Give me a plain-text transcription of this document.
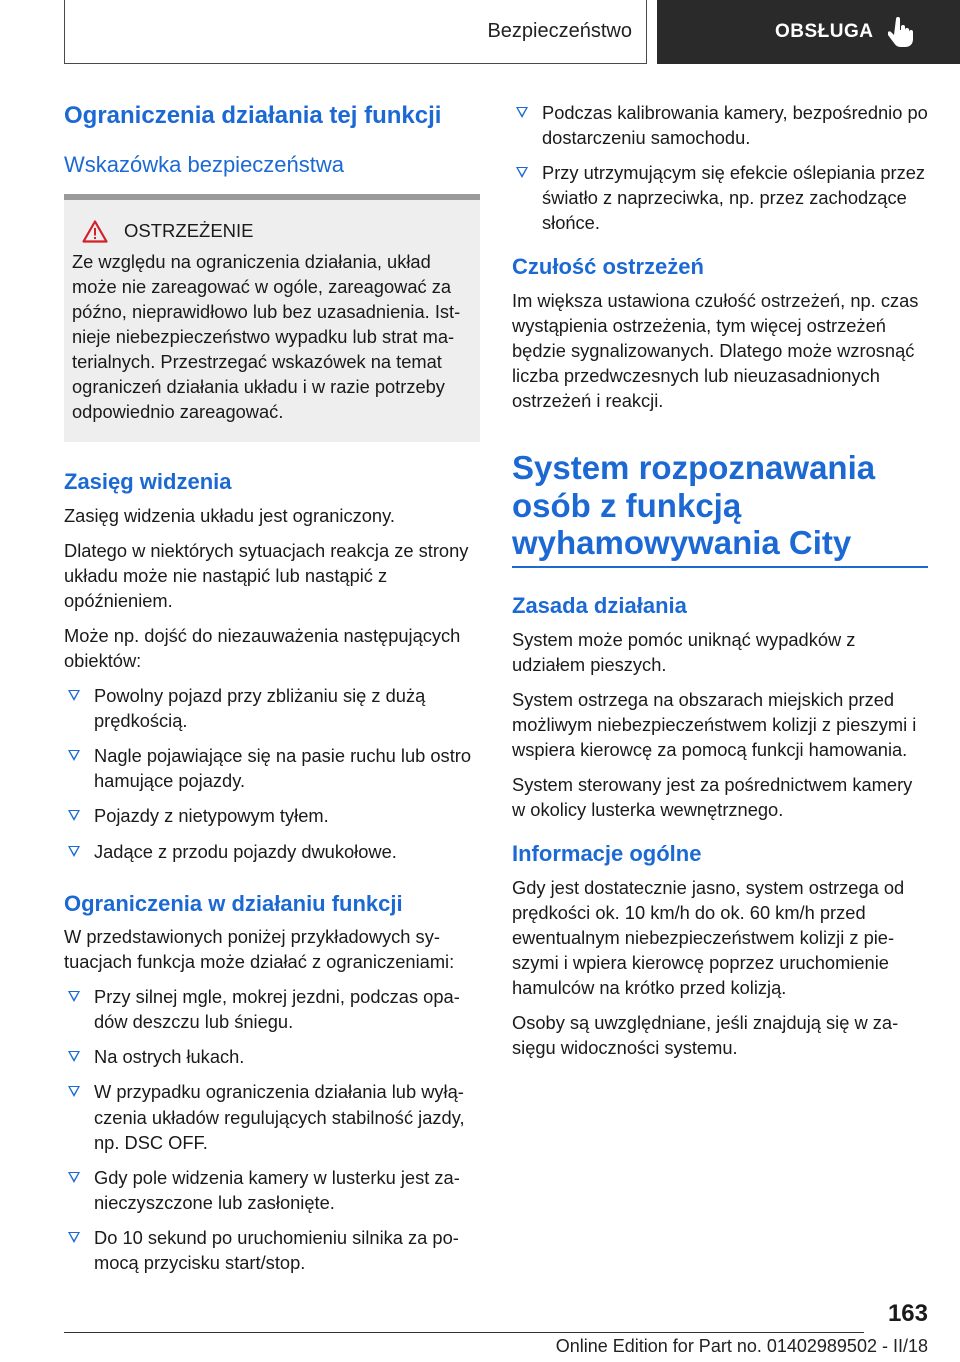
Bezpieczeństwo	OBSŁUGA
Ograniczenia działania tej funkcji
Wskazówka bezpieczeństwa
OSTRZEŻENIE

Ze względu na ograniczenia działania, układ może nie zareagować w ogóle, zareagować za późno, nieprawidłowo lub bez uzasadnienia. Istnieje niebezpieczeństwo wypadku lub strat materialnych. Przestrzegać wskazówek na temat ograniczeń działania układu i w razie potrzeby odpowiednio zareagować.

Zasięg widzenia

Zasięg widzenia układu jest ograniczony.

Dlatego w niektórych sytuacjach reakcja ze strony układu może nie nastąpić lub nastąpić z opóźnieniem.

Może np. dojść do niezauważenia następujących obiektów:

Powolny pojazd przy zbliżaniu się z dużą prędkością.
Nagle pojawiające się na pasie ruchu lub ostro hamujące pojazdy.
Pojazdy z nietypowym tyłem.
Jadące z przodu pojazdy dwukołowe.
Ograniczenia w działaniu funkcji

W przedstawionych poniżej przykładowych sytuacjach funkcja może działać z ograniczeniami:

Przy silnej mgle, mokrej jezdni, podczas opadów deszczu lub śniegu.
Na ostrych łukach.
W przypadku ograniczenia działania lub wyłączenia układów regulujących stabilność jazdy, np. DSC OFF.
Gdy pole widzenia kamery w lusterku jest zanieczyszczone lub zasłonięte.
Do 10 sekund po uruchomieniu silnika za pomocą przycisku start/stop.
Podczas kalibrowania kamery, bezpośrednio po dostarczeniu samochodu.
Przy utrzymującym się efekcie oślepiania przez światło z naprzeciwka, np. przez zachodzące słońce.
Czułość ostrzeżeń

Im większa ustawiona czułość ostrzeżeń, np. czas wystąpienia ostrzeżenia, tym więcej ostrzeżeń będzie sygnalizowanych. Dlatego może wzrosnąć liczba przedwczesnych lub nieuzasadnionych ostrzeżeń i reakcji.

System rozpoznawania osób z funkcją wyhamowywania City
Zasada działania

System może pomóc uniknąć wypadków z udziałem pieszych.

System ostrzega na obszarach miejskich przed możliwym niebezpieczeństwem kolizji z pieszymi i wspiera kierowcę za pomocą funkcji hamowania.

System sterowany jest za pośrednictwem kamery w okolicy lusterka wewnętrznego.

Informacje ogólne

Gdy jest dostatecznie jasno, system ostrzega od prędkości ok. 10 km/h do ok. 60 km/h przed ewentualnym niebezpieczeństwem kolizji z pieszymi i wpiera kierowcę poprzez uruchomienie hamulców na krótko przed kolizją.

Osoby są uwzględniane, jeśli znajdują się w zasięgu widoczności systemu.

163
Online Edition for Part no. 01402989502 - II/18
